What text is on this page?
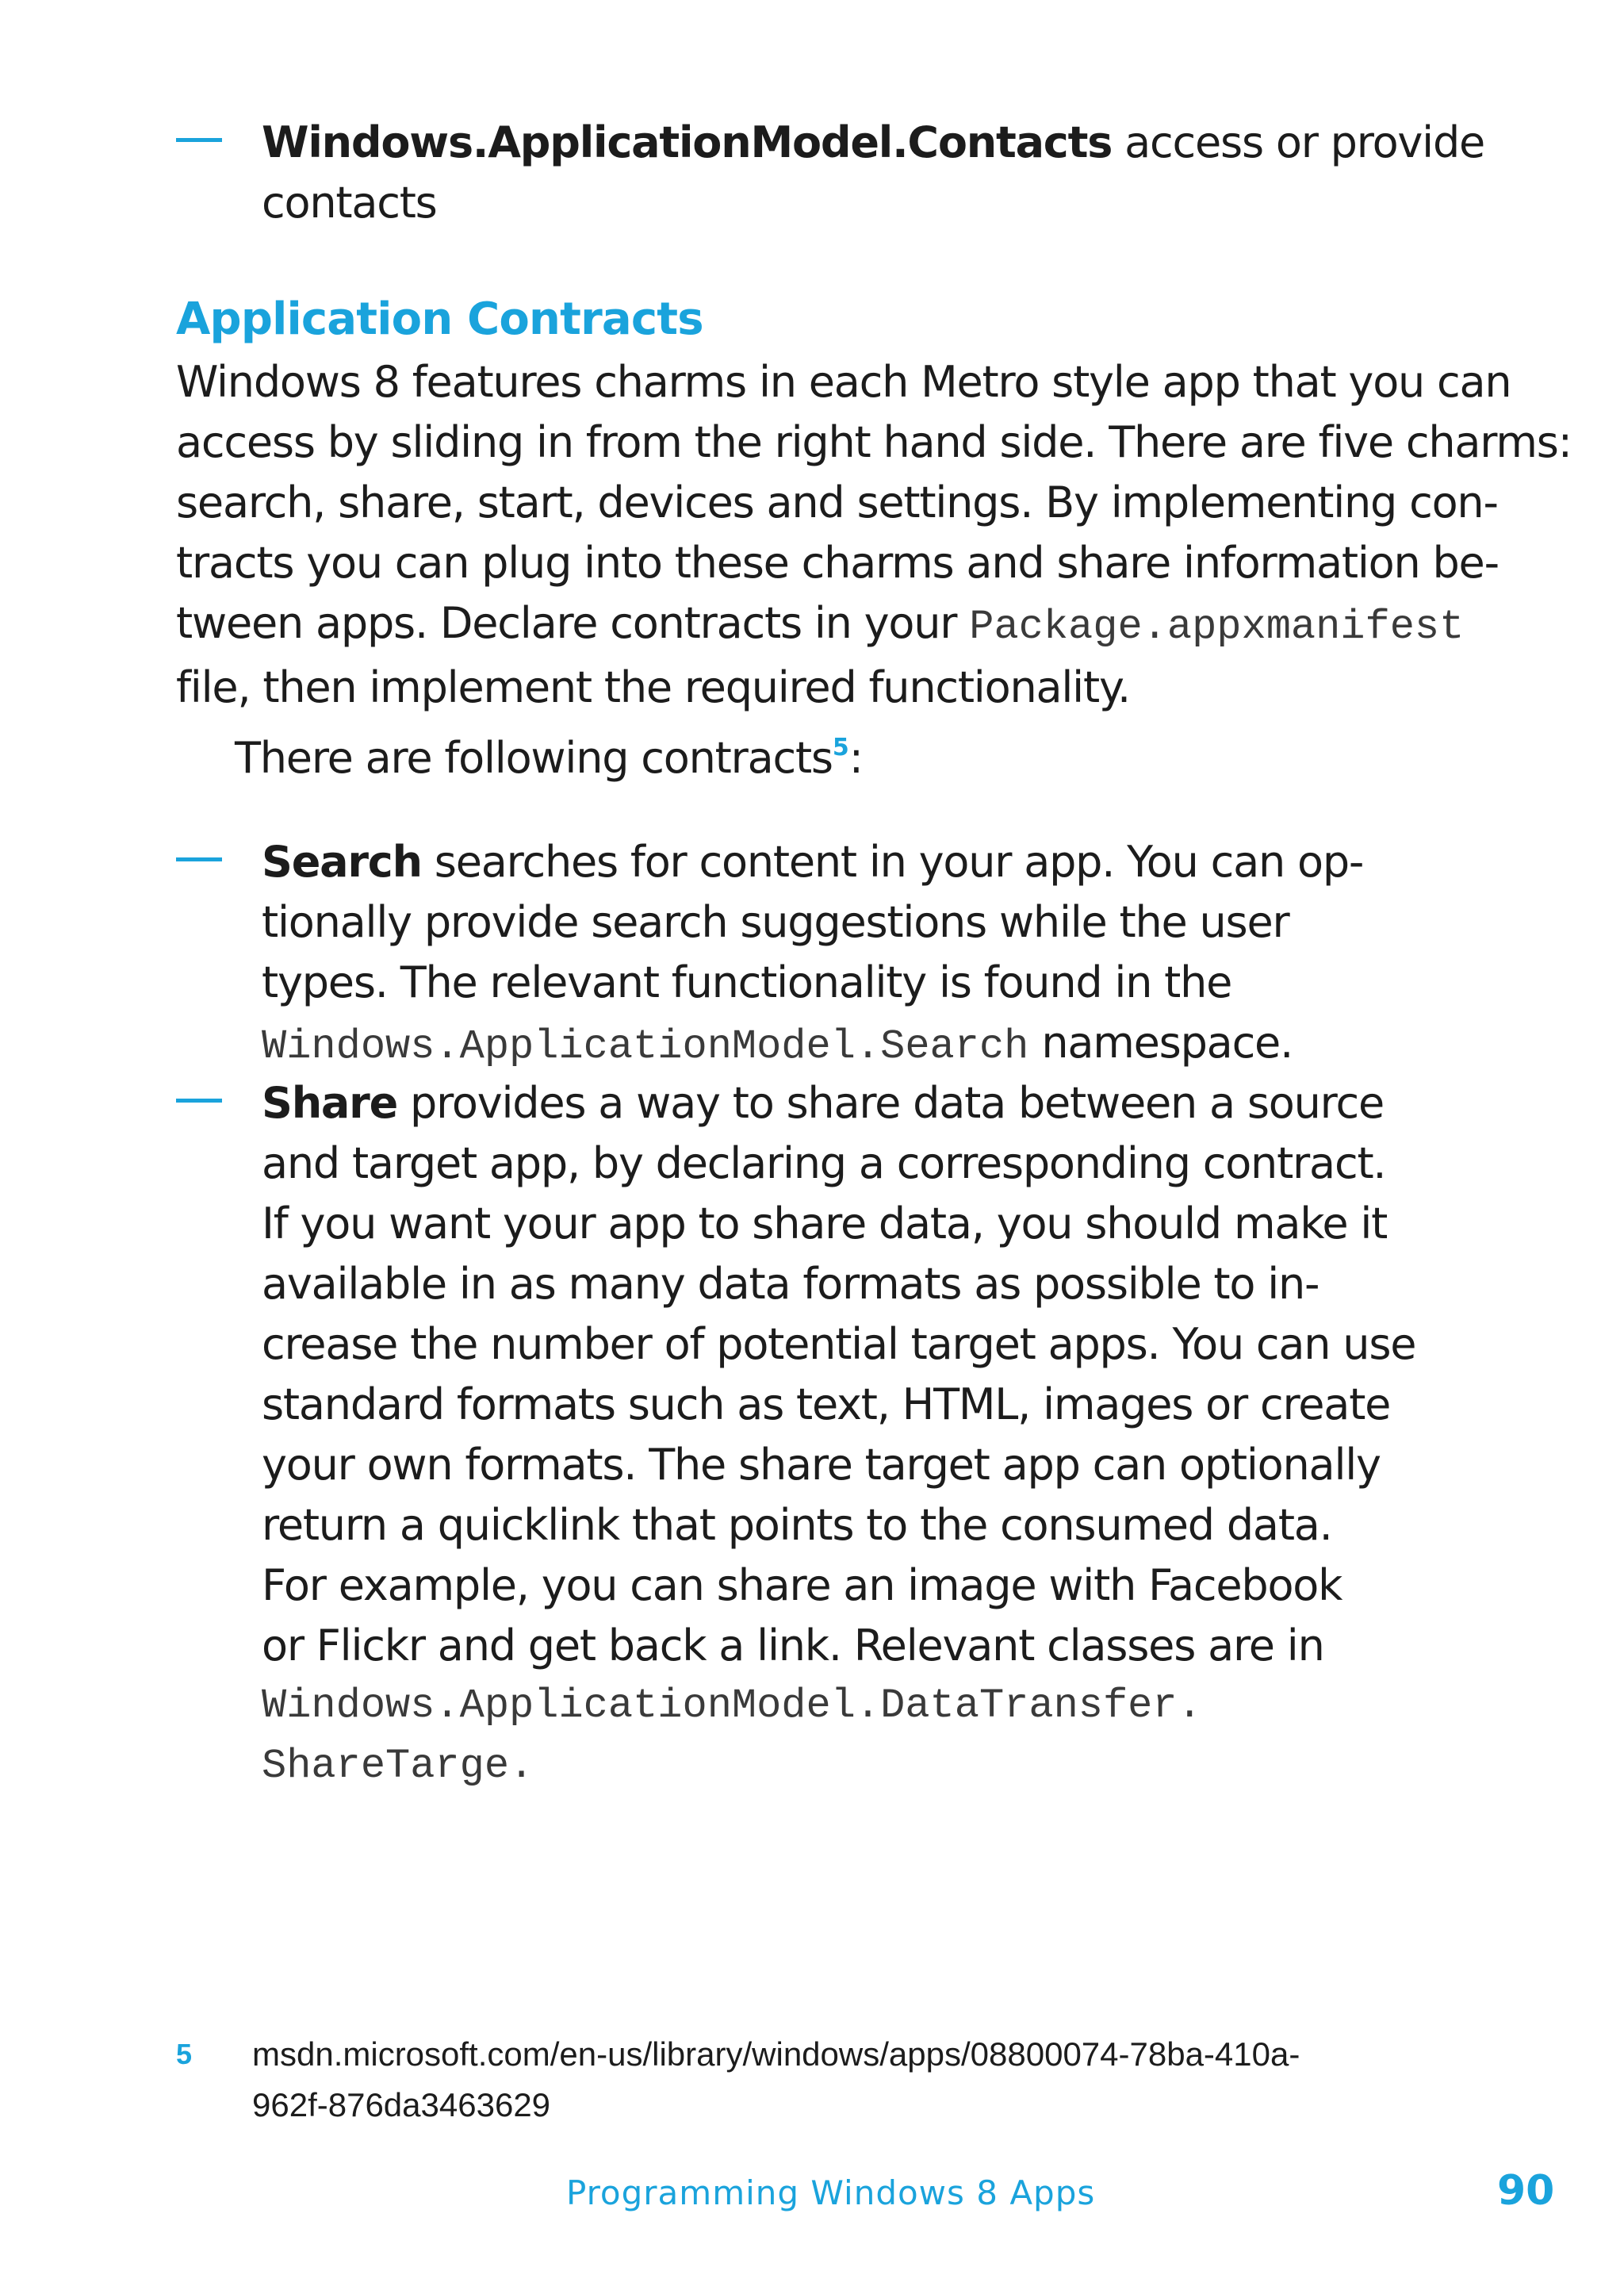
Windows.ApplicationModel.Contacts access or provide
contacts
Application Contracts
Windows 8 features charms in each Metro style app that you can
access by sliding in from the right hand side. There are five charms:
search, share, start, devices and settings. By implementing con-
tracts you can plug into these charms and share information be-
tween apps. Declare contracts in your Package.appxmanifest
file, then implement the required functionality.
There are following contracts$^5$:
Search searches for content in your app. You can op-
tionally provide search suggestions while the user
types. The relevant functionality is found in the
Windows.ApplicationModel.Search namespace.
Share provides a way to share data between a source
and target app, by declaring a corresponding contract.
If you want your app to share data, you should make it
available in as many data formats as possible to in-
crease the number of potential target apps. You can use
standard formats such as text, HTML, images or create
your own formats. The share target app can optionally
return a quicklink that points to the consumed data.
For example, you can share an image with Facebook
or Flickr and get back a link. Relevant classes are in
Windows.ApplicationModel.DataTransfer.
ShareTarge.
5 msdn.microsoft.com/en-us/library/windows/apps/08800074-78ba-410a-
962f-876da3463629
Programming Windows 8 Apps	90
